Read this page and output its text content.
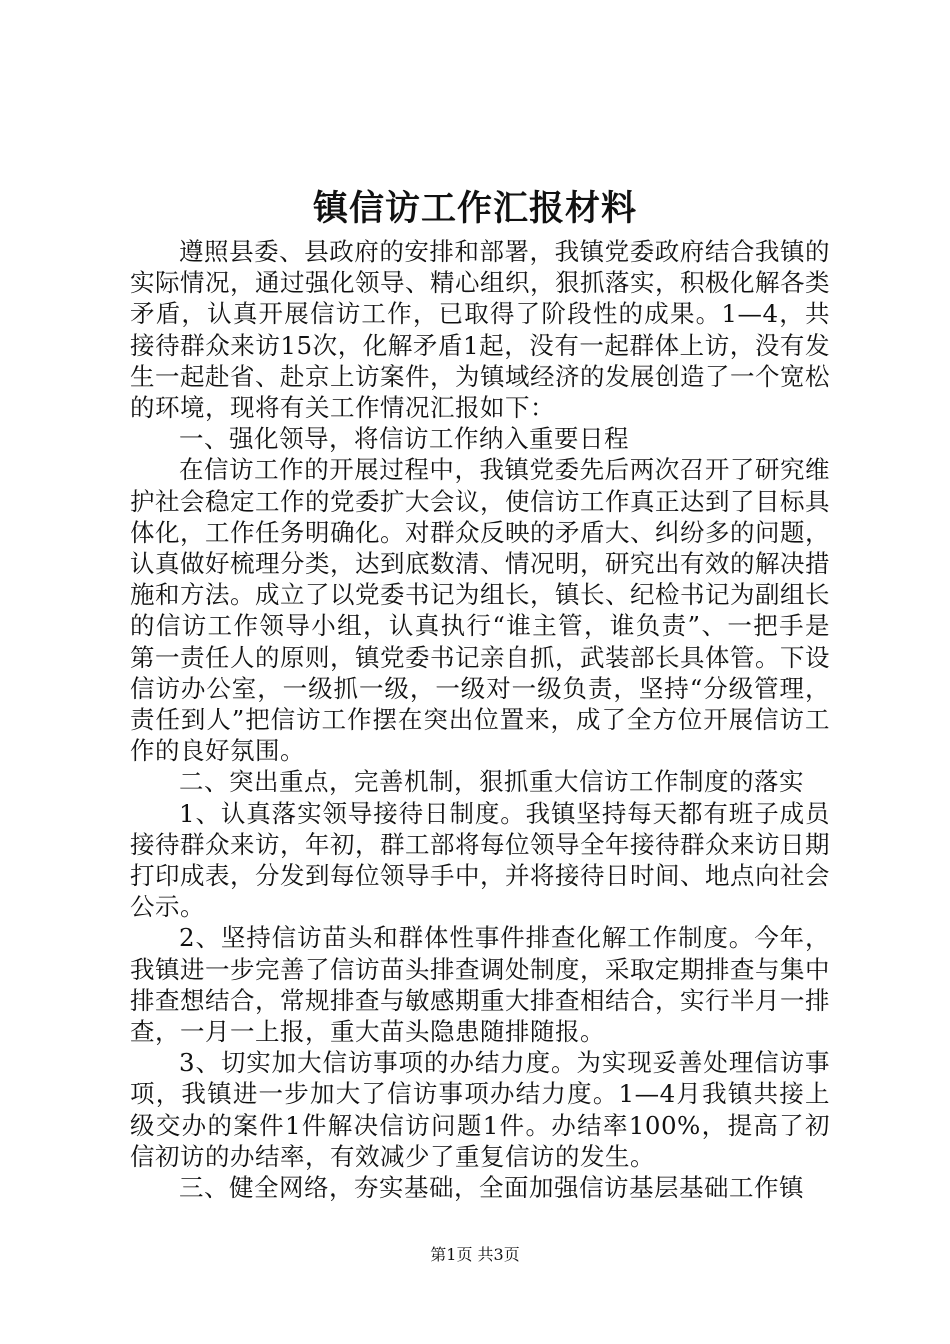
镇信访工作汇报材料

遵照县委、县政府的安排和部署，我镇党委政府结合我镇的实际情况，通过强化领导、精心组织，狠抓落实，积极化解各类矛盾，认真开展信访工作，已取得了阶段性的成果。1—4，共接待群众来访15次，化解矛盾1起，没有一起群体上访，没有发生一起赴省、赴京上访案件，为镇域经济的发展创造了一个宽松的环境，现将有关工作情况汇报如下：

一、强化领导，将信访工作纳入重要日程

在信访工作的开展过程中，我镇党委先后两次召开了研究维护社会稳定工作的党委扩大会议，使信访工作真正达到了目标具体化，工作任务明确化。对群众反映的矛盾大、纠纷多的问题，认真做好梳理分类，达到底数清、情况明，研究出有效的解决措施和方法。成立了以党委书记为组长，镇长、纪检书记为副组长的信访工作领导小组，认真执行“谁主管，谁负责”、一把手是第一责任人的原则，镇党委书记亲自抓，武装部长具体管。下设信访办公室，一级抓一级，一级对一级负责，坚持“分级管理，责任到人”把信访工作摆在突出位置来，成了全方位开展信访工作的良好氛围。

二、突出重点，完善机制，狠抓重大信访工作制度的落实

1、认真落实领导接待日制度。我镇坚持每天都有班子成员接待群众来访，年初，群工部将每位领导全年接待群众来访日期打印成表，分发到每位领导手中，并将接待日时间、地点向社会公示。

2、坚持信访苗头和群体性事件排查化解工作制度。今年，我镇进一步完善了信访苗头排查调处制度，采取定期排查与集中排查想结合，常规排查与敏感期重大排查相结合，实行半月一排查，一月一上报，重大苗头隐患随排随报。

3、切实加大信访事项的办结力度。为实现妥善处理信访事项，我镇进一步加大了信访事项办结力度。1—4月我镇共接上级交办的案件1件解决信访问题1件。办结率100%，提高了初信初访的办结率，有效减少了重复信访的发生。

三、健全网络，夯实基础，全面加强信访基层基础工作镇

第1页 共3页
